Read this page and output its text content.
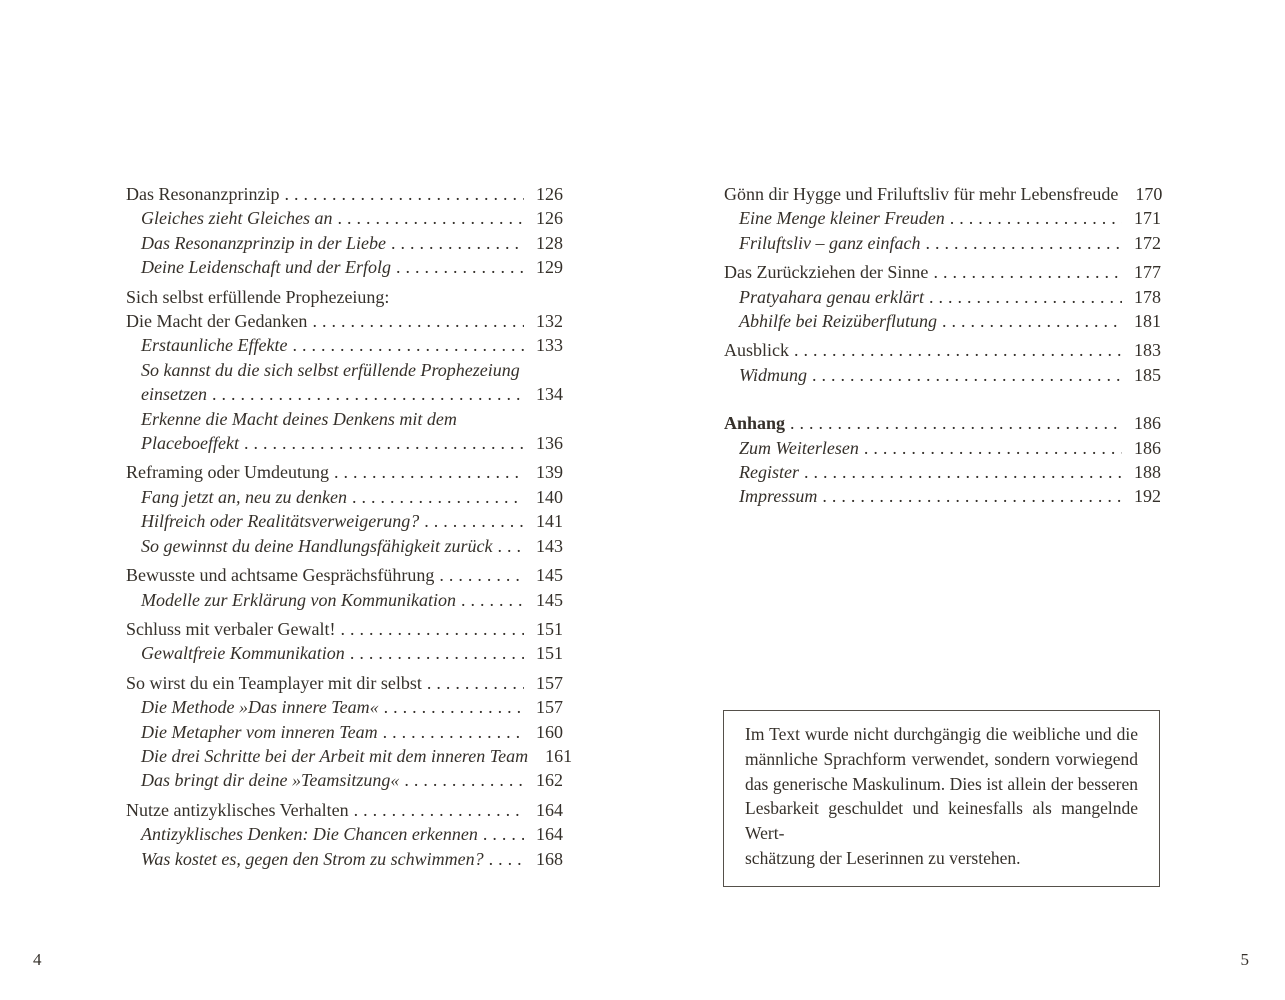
Das Resonanzprinzip .....	126
Gleiches zieht Gleiches an .....	126
Das Resonanzprinzip in der Liebe .....	128
Deine Leidenschaft und der Erfolg .....	129
Sich selbst erfüllende Prophezeiung:
Die Macht der Gedanken .....	132
Erstaunliche Effekte .....	133
So kannst du die sich selbst erfüllende Prophezeiung
einsetzen .....	134
Erkenne die Macht deines Denkens mit dem
Placeboeffekt .....	136
Reframing oder Umdeutung .....	139
Fang jetzt an, neu zu denken .....	140
Hilfreich oder Realitätsverweigerung? .....	141
So gewinnst du deine Handlungsfähigkeit zurück ..... 143
Bewusste und achtsame Gesprächsführung .....	145
Modelle zur Erklärung von Kommunikation .....	145
Schluss mit verbaler Gewalt! .....	151
Gewaltfreie Kommunikation .....	151
So wirst du ein Teamplayer mit dir selbst .....	157
Die Methode »Das innere Team« .....	157
Die Metapher vom inneren Team .....	160
Die drei Schritte bei der Arbeit mit dem inneren Team 161
Das bringt dir deine »Teamsitzung« .....	162
Nutze antizyklisches Verhalten .....	164
Antizyklisches Denken: Die Chancen erkennen .....	164
Was kostet es, gegen den Strom zu schwimmen? .....	168
Gönn dir Hygge und Friluftsliv für mehr Lebensfreude 170
Eine Menge kleiner Freuden .....	171
Friluftsliv – ganz einfach .....	172
Das Zurückziehen der Sinne .....	177
Pratyahara genau erklärt .....	178
Abhilfe bei Reizüberflutung .....	181
Ausblick .....	183
Widmung .....	185
Anhang .....	186
Zum Weiterlesen .....	186
Register .....	188
Impressum .....	192
Im Text wurde nicht durchgängig die weibliche und die
männliche Sprachform verwendet, sondern vorwiegend
das generische Maskulinum. Dies ist allein der besseren
Lesbarkeit geschuldet und keinesfalls als mangelnde Wert-
schätzung der Leserinnen zu verstehen.
4	5
